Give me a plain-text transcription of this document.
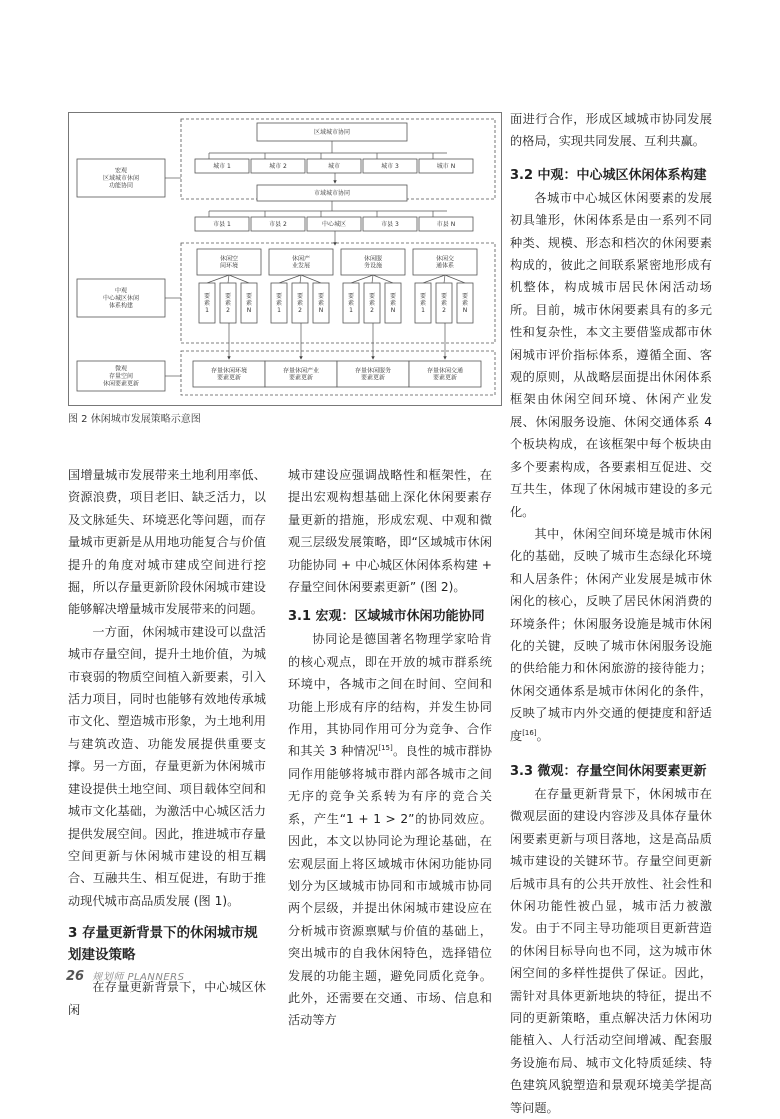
宏观区域城市休闲功能协同
中观中心城区休闲体系构建
微观存量空间休闲要素更新
区域城市协同
城市 1	城市 2	城市	城市 3	城市 N
市域城市协同
市县 1	市县 2	中心城区	市县 3	市县 N
休闲空间环境
休闲产业发展
休闲服务设施
休闲交通体系
要素 1
要素 2
要素 N
要素 1
要素 2
要素 N
要素 1
要素 2
要素 N
要素 1
要素 2
要素 N
存量休闲环境要素更新
存量休闲产业要素更新
存量休闲服务要素更新
存量休闲交通要素更新
图 2 休闲城市发展策略示意图

国增量城市发展带来土地利用率低、资源浪费，项目老旧、缺乏活力，以及文脉延失、环境恶化等问题，而存量城市更新是从用地功能复合与价值提升的角度对城市建成空间进行挖掘，所以存量更新阶段休闲城市建设能够解决增量城市发展带来的问题。

一方面，休闲城市建设可以盘活城市存量空间，提升土地价值，为城市衰弱的物质空间植入新要素，引入活力项目，同时也能够有效地传承城市文化、塑造城市形象，为土地利用与建筑改造、功能发展提供重要支撑。另一方面，存量更新为休闲城市建设提供土地空间、项目载体空间和城市文化基础，为激活中心城区活力提供发展空间。因此，推进城市存量空间更新与休闲城市建设的相互耦合、互融共生、相互促进，有助于推动现代城市高品质发展 (图 1)。

3 存量更新背景下的休闲城市规划建设策略

在存量更新背景下，中心城区休闲

城市建设应强调战略性和框架性，在提出宏观构想基础上深化休闲要素存量更新的措施，形成宏观、中观和微观三层级发展策略，即“区域城市休闲功能协同 + 中心城区休闲体系构建 + 存量空间休闲要素更新” (图 2)。

3.1 宏观：区域城市休闲功能协同

协同论是德国著名物理学家哈肯的核心观点，即在开放的城市群系统环境中，各城市之间在时间、空间和功能上形成有序的结构，并发生协同作用，其协同作用可分为竞争、合作和其关 3 种情况[15]。良性的城市群协同作用能够将城市群内部各城市之间无序的竞争关系转为有序的竞合关系，产生“1 + 1 > 2”的协同效应。因此，本文以协同论为理论基础，在宏观层面上将区域城市休闲功能协同划分为区域城市协同和市域城市协同两个层级，并提出休闲城市建设应在分析城市资源禀赋与价值的基础上，突出城市的自我休闲特色，选择错位发展的功能主题，避免同质化竞争。此外，还需要在交通、市场、信息和活动等方

面进行合作，形成区域城市协同发展的格局，实现共同发展、互利共赢。

3.2 中观：中心城区休闲体系构建

各城市中心城区休闲要素的发展初具雏形，休闲体系是由一系列不同种类、规模、形态和档次的休闲要素构成的，彼此之间联系紧密地形成有机整体，构成城市居民休闲活动场所。目前，城市休闲要素具有的多元性和复杂性，本文主要借鉴成都市休闲城市评价指标体系，遵循全面、客观的原则，从战略层面提出休闲体系框架由休闲空间环境、休闲产业发展、休闲服务设施、休闲交通体系 4 个板块构成，在该框架中每个板块由多个要素构成，各要素相互促进、交互共生，体现了休闲城市建设的多元化。

其中，休闲空间环境是城市休闲化的基础，反映了城市生态绿化环境和人居条件；休闲产业发展是城市休闲化的核心，反映了居民休闲消费的环境条件；休闲服务设施是城市休闲化的关键，反映了城市休闲服务设施的供给能力和休闲旅游的接待能力；休闲交通体系是城市休闲化的条件，反映了城市内外交通的便捷度和舒适度[16]。

3.3 微观：存量空间休闲要素更新

在存量更新背景下，休闲城市在微观层面的建设内容涉及具体存量休闲要素更新与项目落地，这是高品质城市建设的关键环节。存量空间更新后城市具有的公共开放性、社会性和休闲功能性被凸显，城市活力被激发。由于不同主导功能项目更新营造的休闲目标导向也不同，这为城市休闲空间的多样性提供了保证。因此，需针对具体更新地块的特征，提出不同的更新策略，重点解决活力休闲功能植入、人行活动空间增减、配套服务设施布局、城市文化特质延续、特色建筑风貌塑造和景观环境美学提高等问题。

26 规划师 PLANNERS
